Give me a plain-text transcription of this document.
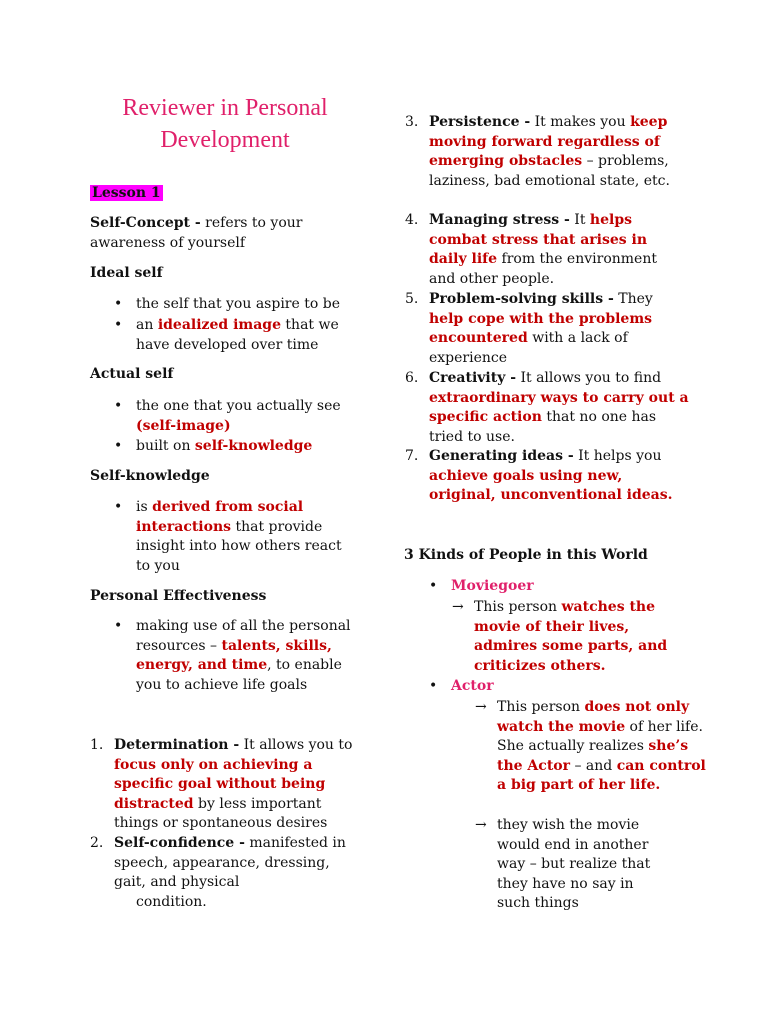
Reviewer in Personal Development
Lesson 1

Self-Concept - refers to your awareness of yourself

Ideal self

• the self that you aspire to be
• an idealized image that we have developed over time

Actual self

• the one that you actually see (self-image)
• built on self-knowledge

Self-knowledge

• is derived from social interactions that provide insight into how others react to you

Personal Effectiveness

• making use of all the personal resources – talents, skills, energy, and time, to enable you to achieve life goals
1. Determination - It allows you to focus only on achieving a specific goal without being distracted by less important things or spontaneous desires
2. Self-confidence - manifested in speech, appearance, dressing, gait, and physical
condition.
3. Persistence - It makes you keep moving forward regardless of emerging obstacles – problems, laziness, bad emotional state, etc.
4. Managing stress - It helps combat stress that arises in daily life from the environment and other people.
5. Problem-solving skills - They help cope with the problems encountered with a lack of experience
6. Creativity - It allows you to find extraordinary ways to carry out a specific action that no one has tried to use.
7. Generating ideas - It helps you achieve goals using new, original, unconventional ideas.

3 Kinds of People in this World

• Moviegoer
→ This person watches the movie of their lives, admires some parts, and criticizes others.
• Actor
→ This person does not only watch the movie of her life. She actually realizes she’s the Actor – and can control a big part of her life.
→ they wish the movie would end in another way – but realize that they have no say in such things
